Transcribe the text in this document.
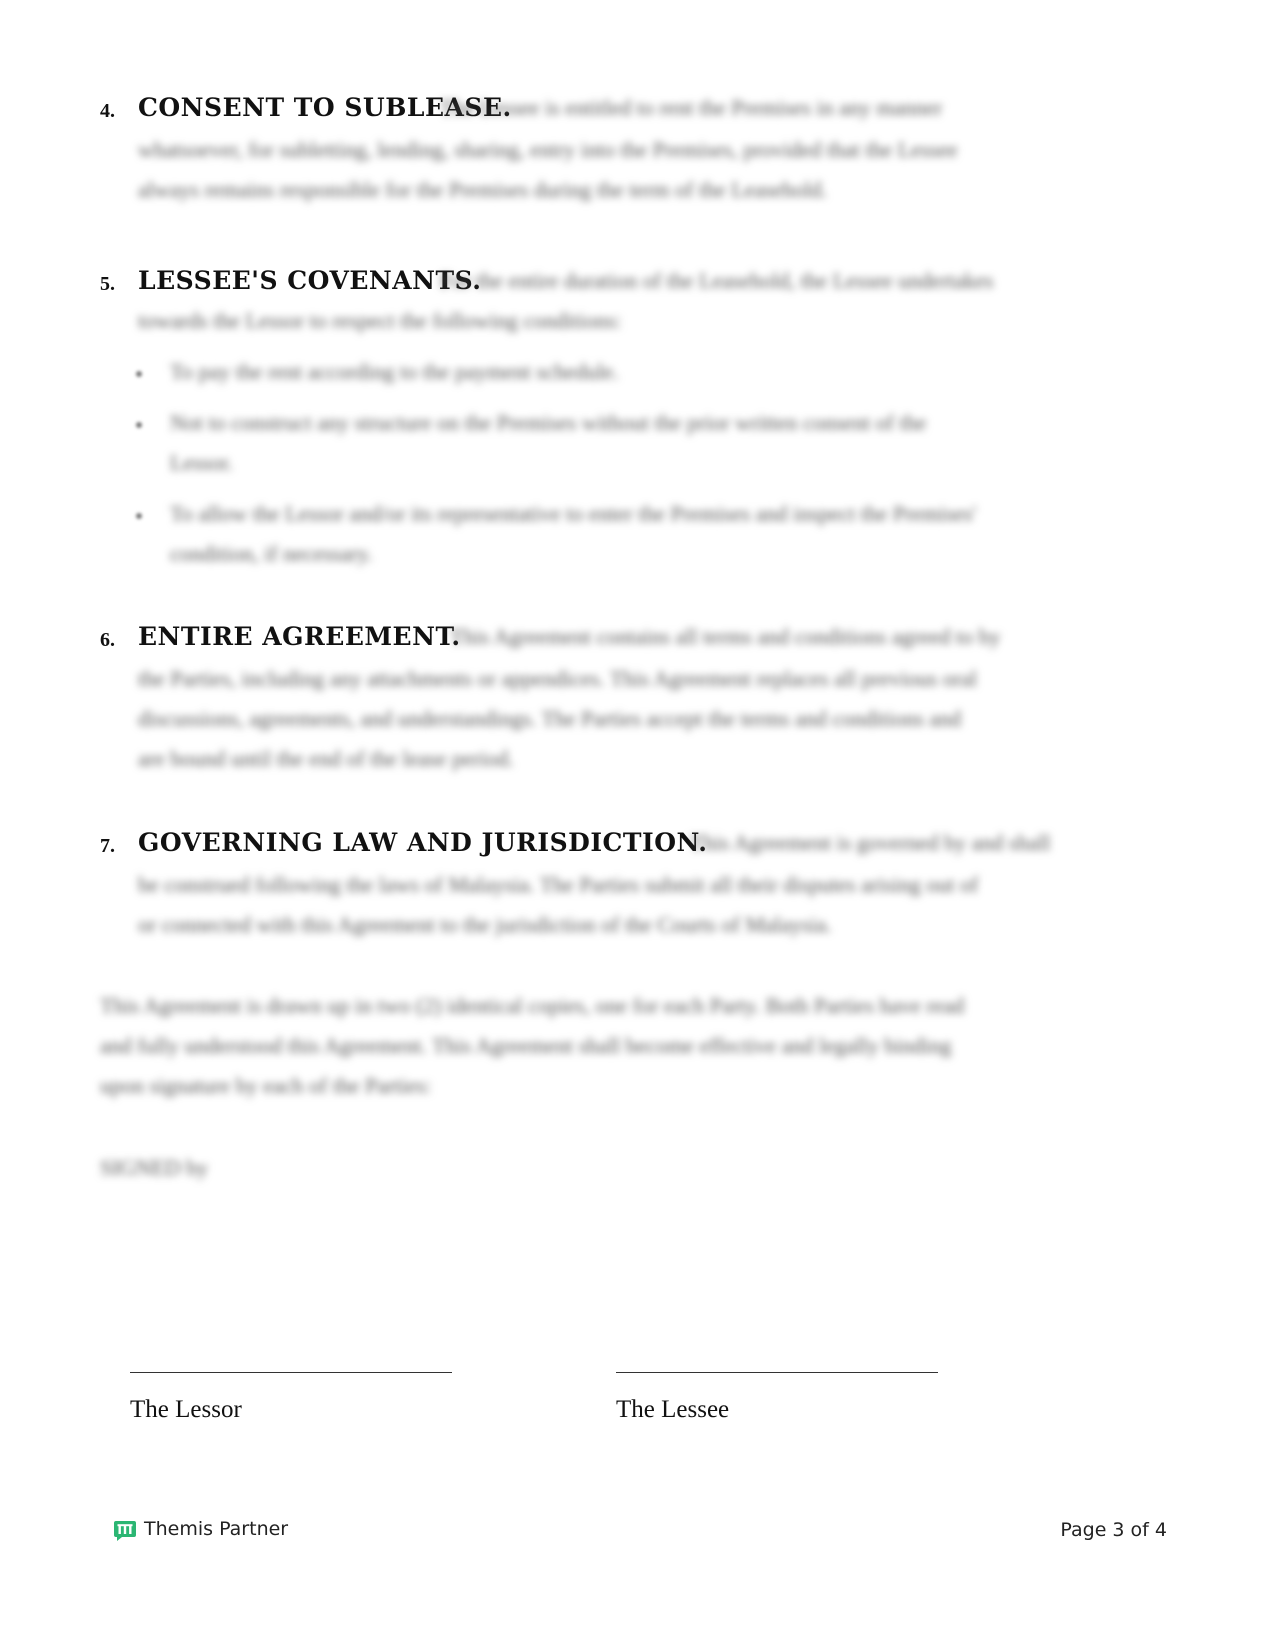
4. CONSENT TO SUBLEASE.
The Lessee is entitled to rent the Premises in any manner
whatsoever, for subletting, lending, sharing, entry into the Premises, provided that the Lessee
always remains responsible for the Premises during the term of the Leasehold.
5. LESSEE'S COVENANTS.
For the entire duration of the Leasehold, the Lessee undertakes
towards the Lessor to respect the following conditions:
To pay the rent according to the payment schedule.
Not to construct any structure on the Premises without the prior written consent of the
Lessor.
To allow the Lessor and/or its representative to enter the Premises and inspect the Premises'
condition, if necessary.
6. ENTIRE AGREEMENT.
This Agreement contains all terms and conditions agreed to by
the Parties, including any attachments or appendices. This Agreement replaces all previous oral
discussions, agreements, and understandings. The Parties accept the terms and conditions and
are bound until the end of the lease period.
7. GOVERNING LAW AND JURISDICTION.
This Agreement is governed by and shall
be construed following the laws of Malaysia. The Parties submit all their disputes arising out of
or connected with this Agreement to the jurisdiction of the Courts of Malaysia.
This Agreement is drawn up in two (2) identical copies, one for each Party. Both Parties have read
and fully understood this Agreement. This Agreement shall become effective and legally binding
upon signature by each of the Parties:
SIGNED by
The Lessor	The Lessee
Themis Partner	Page 3 of 4
